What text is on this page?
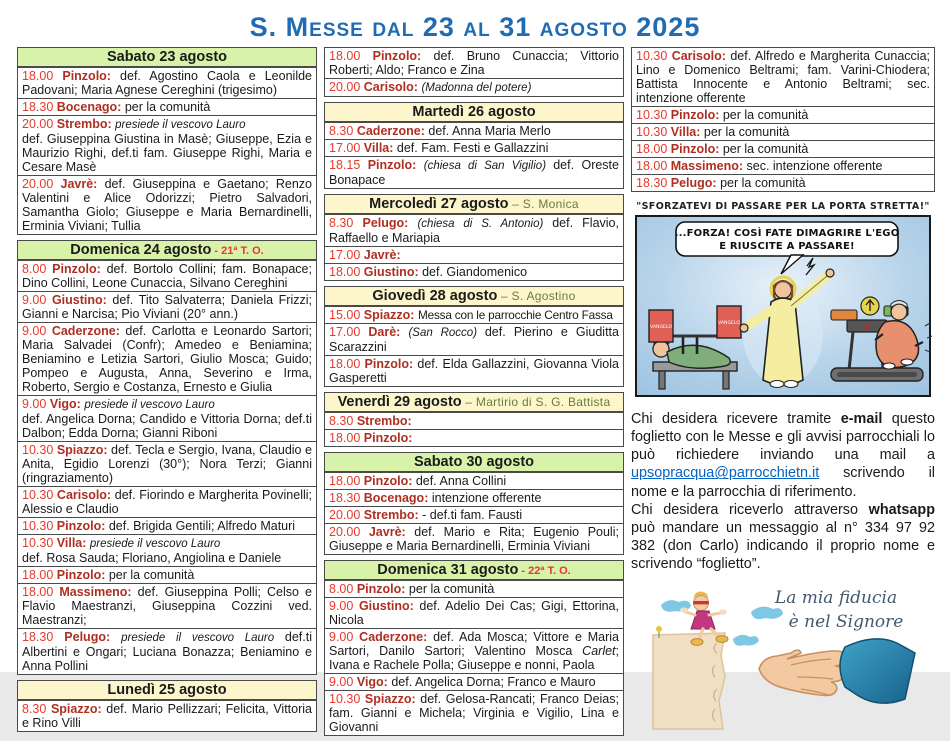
S. Messe dal 23 al 31 agosto 2025
Sabato 23 agosto
18.00 Pinzolo: def. Agostino Caola e Leonilde Padovani; Maria Agnese Cereghini (trigesimo)
18.30 Bocenago: per la comunità
20.00 Strembo: presiede il vescovo Lauro
def. Giuseppina Giustina in Masè; Giuseppe, Ezia e Maurizio Righi, def.ti fam. Giuseppe Righi, Maria e Cesare Masè
20.00 Javrè: def. Giuseppina e Gaetano; Renzo Valentini e Alice Odorizzi; Pietro Salvadori, Samantha Giolo; Giuseppe e Maria Bernardinelli, Erminia Viviani; Tullia
Domenica 24 agosto - 21ª T. O.
8.00 Pinzolo: def. Bortolo Collini; fam. Bonapace; Dino Collini, Leone Cunaccia, Silvano Cereghini
9.00 Giustino: def. Tito Salvaterra; Daniela Frizzi; Gianni e Narcisa; Pio Viviani (20° ann.)
9.00 Caderzone: def. Carlotta e Leonardo Sartori; Maria Salvadei (Confr); Amedeo e Beniamina; Beniamino e Letizia Sartori, Giulio Mosca; Guido; Pompeo e Augusta, Anna, Severino e Irma, Roberto, Sergio e Costanza, Ernesto e Giulia
9.00 Vigo: presiede il vescovo Lauro
def. Angelica Dorna; Candido e Vittoria Dorna; def.ti Dalbon; Edda Dorna; Gianni Riboni
10.30 Spiazzo: def. Tecla e Sergio, Ivana, Claudio e Anita, Egidio Lorenzi (30°); Nora Terzi; Gianni (ringraziamento)
10.30 Carisolo: def. Fiorindo e Margherita Povinelli; Alessio e Claudio
10.30 Pinzolo: def. Brigida Gentili; Alfredo Maturi
10.30 Villa: presiede il vescovo Lauro
def. Rosa Sauda; Floriano, Angiolina e Daniele
18.00 Pinzolo: per la comunità
18.00 Massimeno: def. Giuseppina Polli; Celso e Flavio Maestranzi, Giuseppina Cozzini ved. Maestranzi;
18.30 Pelugo: presiede il vescovo Lauro def.ti Albertini e Ongari; Luciana Bonazza; Beniamino e Anna Pollini
Lunedì 25 agosto
8.30 Spiazzo: def. Mario Pellizzari; Felicita, Vittoria e Rino Villi
18.00 Pinzolo: def. Bruno Cunaccia; Vittorio Roberti; Aldo; Franco e Zina
20.00 Carisolo: (Madonna del potere)
Martedì 26 agosto
8.30 Caderzone: def. Anna Maria Merlo
17.00 Villa: def. Fam. Festi e Gallazzini
18.15 Pinzolo: (chiesa di San Vigilio) def. Oreste Bonapace
Mercoledì 27 agosto – S. Monica
8.30 Pelugo: (chiesa di S. Antonio) def. Flavio, Raffaello e Mariapia
17.00 Javrè:
18.00 Giustino: def. Giandomenico
Giovedì 28 agosto – S. Agostino
15.00 Spiazzo: Messa con le parrocchie Centro Fassa
17.00 Darè: (San Rocco) def. Pierino e Giuditta Scarazzini
18.00 Pinzolo: def. Elda Gallazzini, Giovanna Viola Gasperetti
Venerdì 29 agosto – Martirio di S. G. Battista
8.30 Strembo:
18.00 Pinzolo:
Sabato 30 agosto
18.00 Pinzolo: def. Anna Collini
18.30 Bocenago: intenzione offerente
20.00 Strembo: - def.ti fam. Fausti
20.00 Javrè: def. Mario e Rita; Eugenio Pouli; Giuseppe e Maria Bernardinelli, Erminia Viviani
Domenica 31 agosto - 22ª T. O.
8.00 Pinzolo: per la comunità
9.00 Giustino: def. Adelio Dei Cas; Gigi, Ettorina, Nicola
9.00 Caderzone: def. Ada Mosca; Vittore e Maria Sartori, Danilo Sartori; Valentino Mosca Carlet; Ivana e Rachele Polla; Giuseppe e nonni, Paola
9.00 Vigo: def. Angelica Dorna; Franco e Mauro
10.30 Spiazzo: def. Gelosa-Rancati; Franco Deias; fam. Gianni e Michela; Virginia e Vigilio, Lina e Giovanni
10.30 Carisolo: def. Alfredo e Margherita Cunaccia; Lino e Domenico Beltrami; fam. Varini-Chiodera; Battista Innocente e Antonio Beltrami; sec. intenzione offerente
10.30 Pinzolo: per la comunità
10.30 Villa: per la comunità
18.00 Pinzolo: per la comunità
18.00 Massimeno: sec. intenzione offerente
18.30 Pelugo: per la comunità
"SFORZATEVI DI PASSARE PER LA PORTA STRETTA!"
...FORZA! COSÌ FATE DIMAGRIRE L'EGO
E RIUSCITE A PASSARE!
VANGELO
VANGELO	♥
Chi desidera ricevere tramite e-mail questo foglietto con le Messe e gli avvisi parrocchiali lo può richiedere inviando una mail a upsopracqua@parrocchietn.it scrivendo il nome e la parrocchia di riferimento.
Chi desidera riceverlo attraverso whatsapp può mandare un messaggio al n° 334 97 92 382 (don Carlo) indicando il proprio nome e scrivendo “foglietto”.
La mia fiducia
è nel Signore
